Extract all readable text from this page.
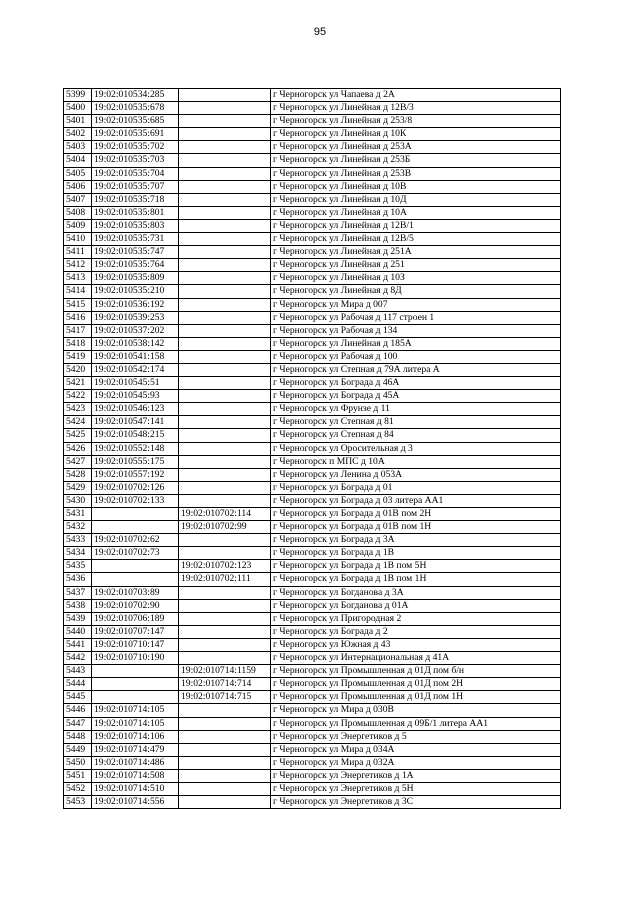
95
5399	19:02:010534:285		г Черногорск ул Чапаева д 2А
5400	19:02:010535:678		г Черногорск ул Линейная д 12В/3
5401	19:02:010535:685		г Черногорск ул Линейная д 253/8
5402	19:02:010535:691		г Черногорск ул Линейная д 10К
5403	19:02:010535:702		г Черногорск ул Линейная д 253А
5404	19:02:010535:703		г Черногорск ул Линейная д 253Б
5405	19:02:010535:704		г Черногорск ул Линейная д 253В
5406	19:02:010535:707		г Черногорск ул Линейная д 10В
5407	19:02:010535:718		г Черногорск ул Линейная д 10Д
5408	19:02:010535:801		г Черногорск ул Линейная д 10А
5409	19:02:010535:803		г Черногорск ул Линейная д 12В/1
5410	19:02:010535:731		г Черногорск ул Линейная д 12В/5
5411	19:02:010535:747		г Черногорск ул Линейная д 251А
5412	19:02:010535:764		г Черногорск ул Линейная д 251
5413	19:02:010535:809		г Черногорск ул Линейная д 10З
5414	19:02:010535:210		г Черногорск ул Линейная д 8Д
5415	19:02:010536:192		г Черногорск ул Мира д 007
5416	19:02:010539:253		г Черногорск ул Рабочая д 117 строен 1
5417	19:02:010537:202		г Черногорск ул Рабочая д 134
5418	19:02:010538:142		г Черногорск ул Линейная д 185А
5419	19:02:010541:158		г Черногорск ул Рабочая д 100
5420	19:02:010542:174		г Черногорск ул Степная д 79А литера А
5421	19:02:010545:51		г Черногорск ул Бограда д 46А
5422	19:02:010545:93		г Черногорск ул Бограда д 45А
5423	19:02:010546:123		г Черногорск ул Фрунзе д 11
5424	19:02:010547:141		г Черногорск ул Степная д 81
5425	19:02:010548:215		г Черногорск ул Степная д 84
5426	19:02:010552:148		г Черногорск ул Оросительная д 3
5427	19:02:010555:175		г Черногорск п МПС д 10А
5428	19:02:010557:192		г Черногорск ул Ленина д 053А
5429	19:02:010702:126		г Черногорск ул Бограда д 01
5430	19:02:010702:133		г Черногорск ул Бограда д 03 литера АА1
5431		19:02:010702:114	г Черногорск ул Бограда д 01В пом 2Н
5432		19:02:010702:99	г Черногорск ул Бограда д 01В пом 1Н
5433	19:02:010702:62		г Черногорск ул Бограда д 3А
5434	19:02:010702:73		г Черногорск ул Бограда д 1В
5435		19:02:010702:123	г Черногорск ул Бограда д 1В пом 5Н
5436		19:02:010702:111	г Черногорск ул Бограда д 1В пом 1Н
5437	19:02:010703:89		г Черногорск ул Богданова д 3А
5438	19:02:010702:90		г Черногорск ул Богданова д 01А
5439	19:02:010706:189		г Черногорск ул Пригородная 2
5440	19:02:010707:147		г Черногорск ул Бограда д 2
5441	19:02:010710:147		г Черногорск ул Южная д 43
5442	19:02:010710:190		г Черногорск ул Интернациональная д 41А
5443		19:02:010714:1159	г Черногорск ул Промышленная д 01Д пом б/н
5444		19:02:010714:714	г Черногорск ул Промышленная д 01Д пом 2Н
5445		19:02:010714:715	г Черногорск ул Промышленная д 01Д пом 1Н
5446	19:02:010714:105		г Черногорск ул Мира д 030В
5447	19:02:010714:105		г Черногорск ул Промышленная д 09Б/1 литера АА1
5448	19:02:010714:106		г Черногорск ул Энергетиков д 5
5449	19:02:010714:479		г Черногорск ул Мира д 034А
5450	19:02:010714:486		г Черногорск ул Мира д 032А
5451	19:02:010714:508		г Черногорск ул Энергетиков д 1А
5452	19:02:010714:510		г Черногорск ул Энергетиков д 5Н
5453	19:02:010714:556		г Черногорск ул Энергетиков д 3С
